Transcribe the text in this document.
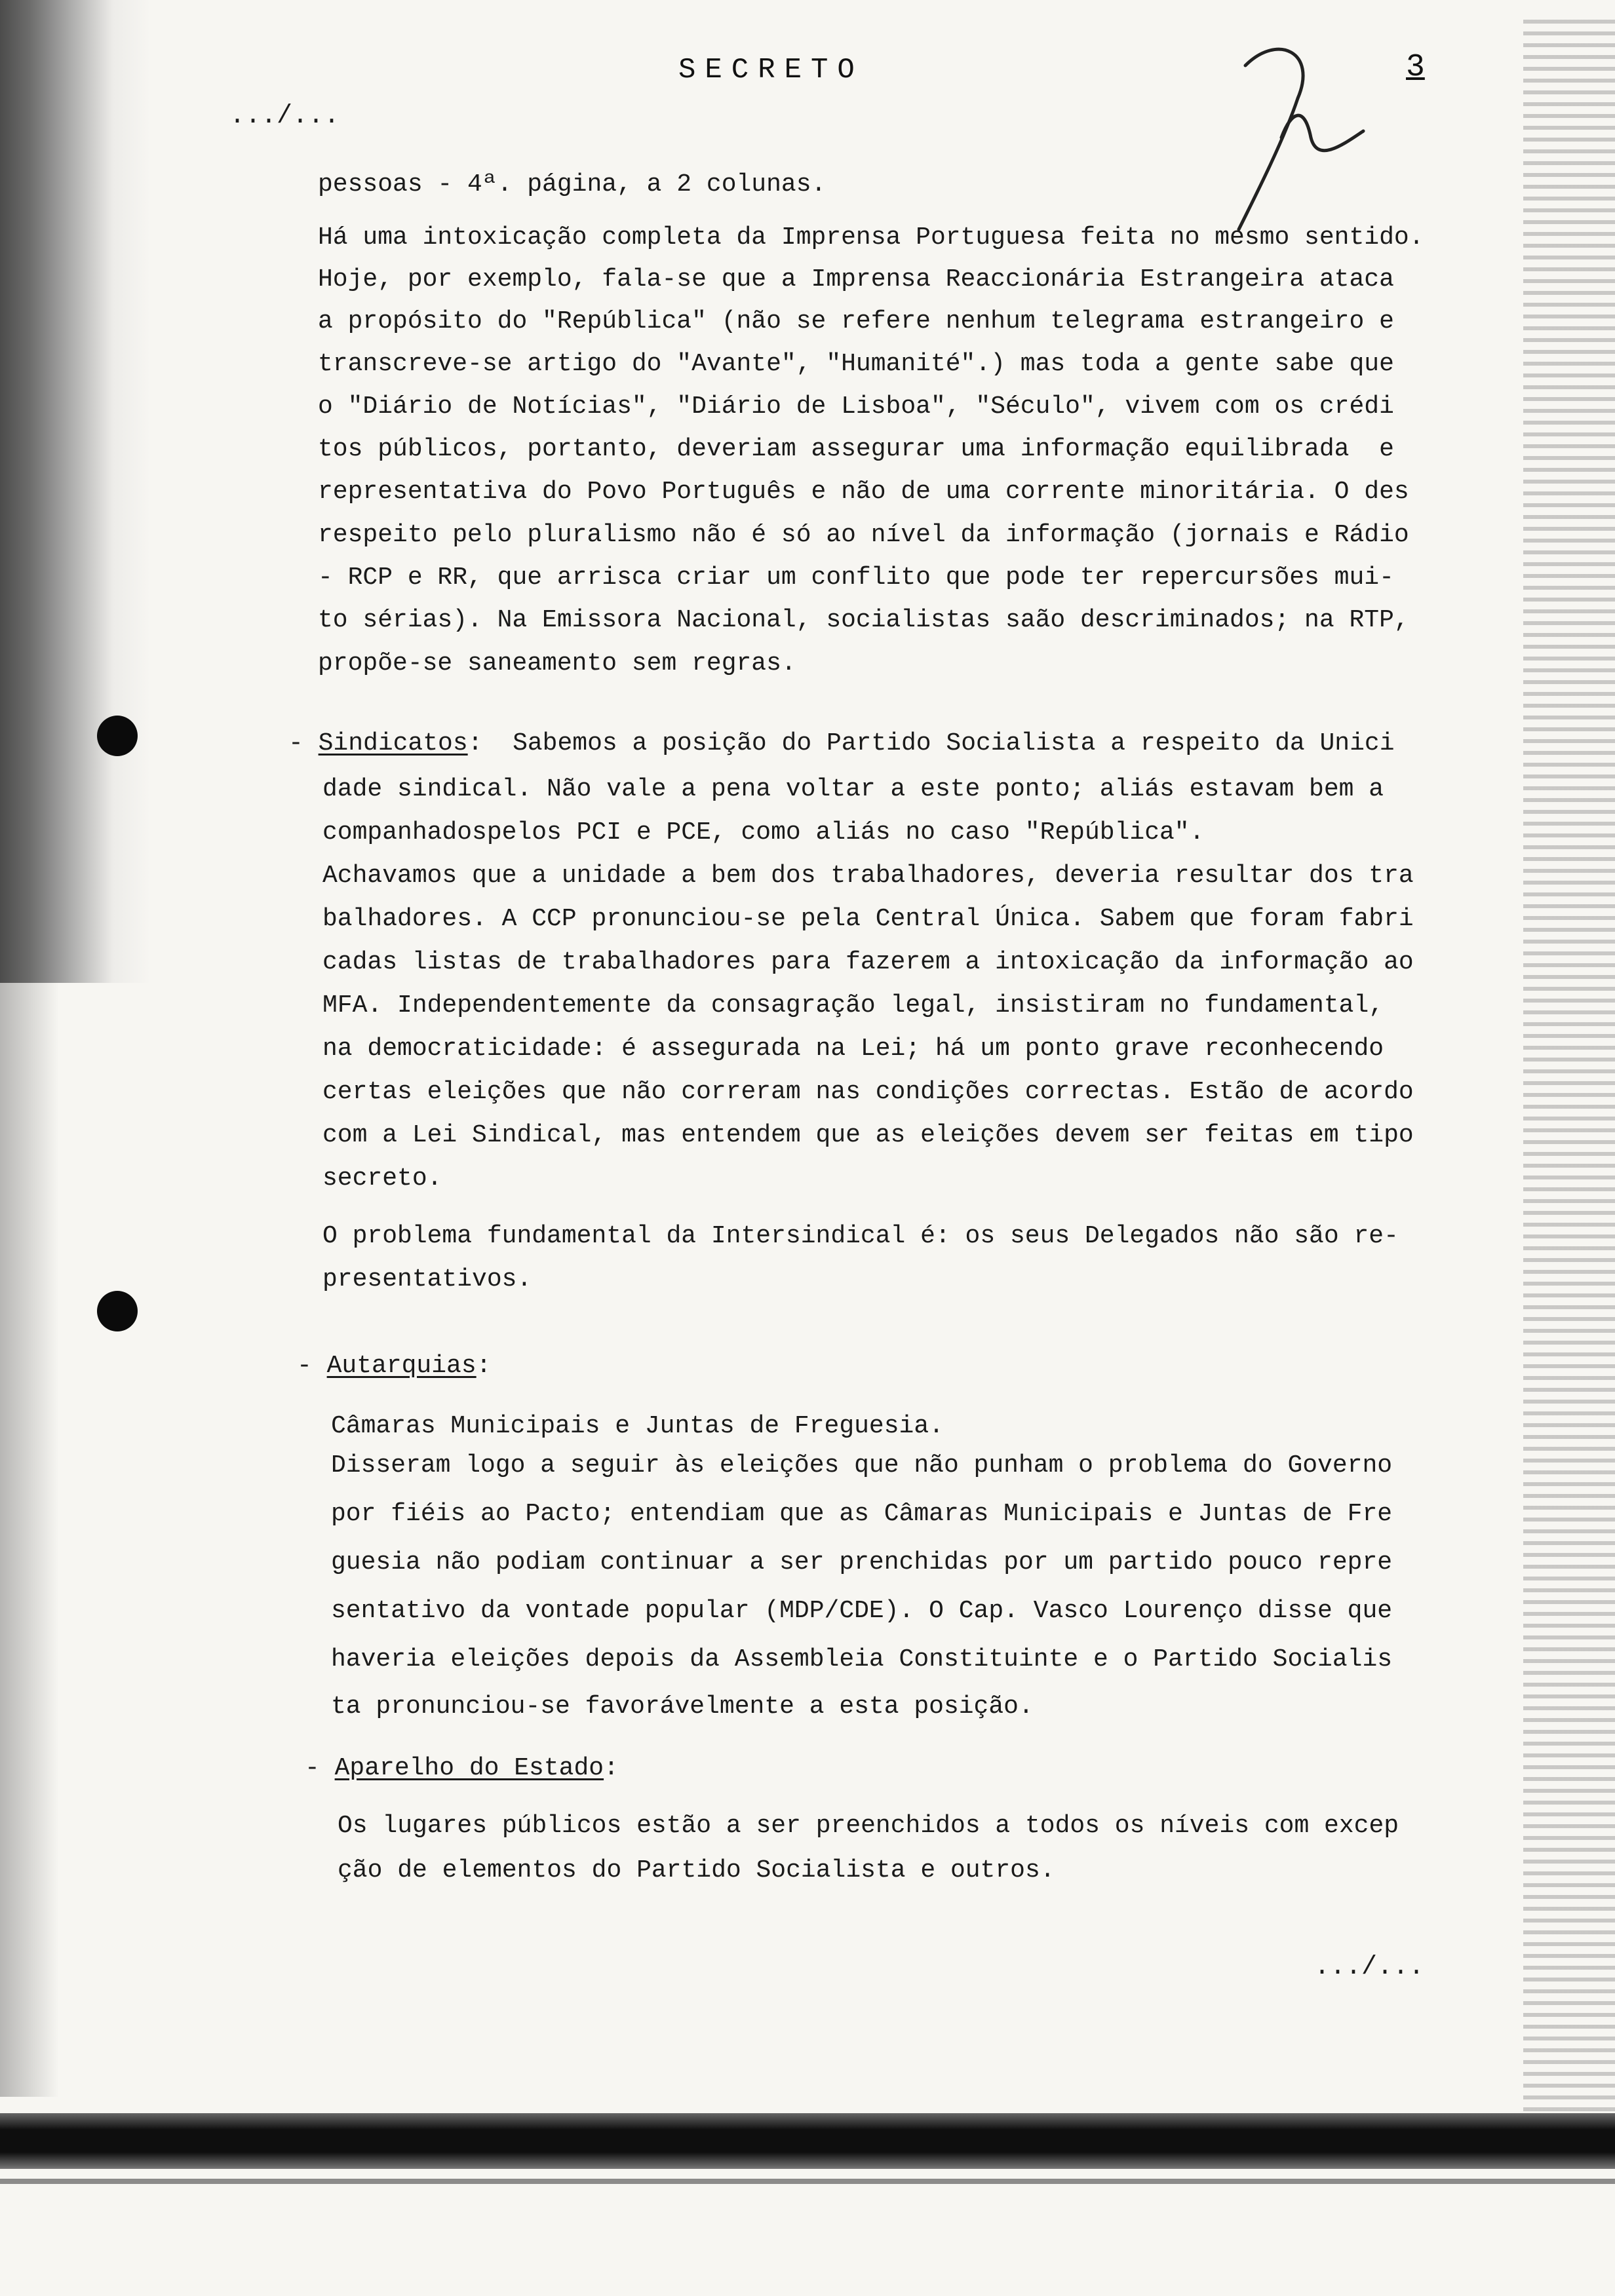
SECRETO	3
.../...
pessoas - 4ª. página, a 2 colunas.
Há uma intoxicação completa da Imprensa Portuguesa feita no mesmo sentido.
Hoje, por exemplo, fala-se que a Imprensa Reaccionária Estrangeira ataca
a propósito do "República" (não se refere nenhum telegrama estrangeiro e
transcreve-se artigo do "Avante", "Humanité".) mas toda a gente sabe que
o "Diário de Notícias", "Diário de Lisboa", "Século", vivem com os crédi
tos públicos, portanto, deveriam assegurar uma informação equilibrada  e
representativa do Povo Português e não de uma corrente minoritária. O des
respeito pelo pluralismo não é só ao nível da informação (jornais e Rádio
- RCP e RR, que arrisca criar um conflito que pode ter repercursões mui-
to sérias). Na Emissora Nacional, socialistas saão descriminados; na RTP,
propõe-se saneamento sem regras.
- Sindicatos:  Sabemos a posição do Partido Socialista a respeito da Unici
dade sindical. Não vale a pena voltar a este ponto; aliás estavam bem a
companhadospelos PCI e PCE, como aliás no caso "República".
Achavamos que a unidade a bem dos trabalhadores, deveria resultar dos tra
balhadores. A CCP pronunciou-se pela Central Única. Sabem que foram fabri
cadas listas de trabalhadores para fazerem a intoxicação da informação ao
MFA. Independentemente da consagração legal, insistiram no fundamental,
na democraticidade: é assegurada na Lei; há um ponto grave reconhecendo
certas eleições que não correram nas condições correctas. Estão de acordo
com a Lei Sindical, mas entendem que as eleições devem ser feitas em tipo
secreto.
O problema fundamental da Intersindical é: os seus Delegados não são re-
presentativos.
- Autarquias:
Câmaras Municipais e Juntas de Freguesia.
Disseram logo a seguir às eleições que não punham o problema do Governo
por fiéis ao Pacto; entendiam que as Câmaras Municipais e Juntas de Fre
guesia não podiam continuar a ser prenchidas por um partido pouco repre
sentativo da vontade popular (MDP/CDE). O Cap. Vasco Lourenço disse que
haveria eleições depois da Assembleia Constituinte e o Partido Socialis
ta pronunciou-se favorávelmente a esta posição.
- Aparelho do Estado:
Os lugares públicos estão a ser preenchidos a todos os níveis com excep
ção de elementos do Partido Socialista e outros.
.../...
